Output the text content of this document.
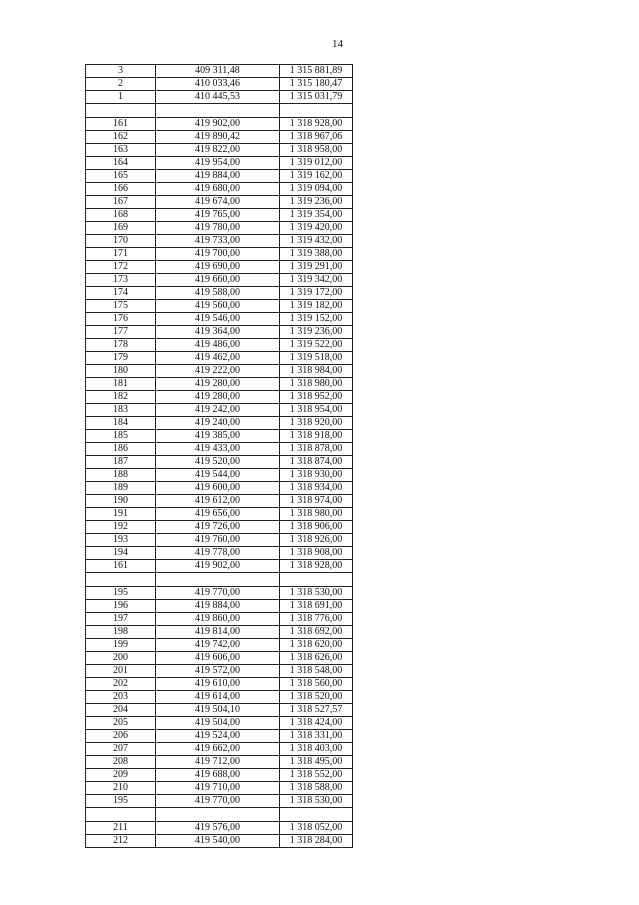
14
3	409 311,48	1 315 881,89
2	410 033,46	1 315 180,47
1	410 445,53	1 315 031,79

161	419 902,00	1 318 928,00
162	419 890,42	1 318 967,06
163	419 822,00	1 318 958,00
164	419 954,00	1 319 012,00
165	419 884,00	1 319 162,00
166	419 680,00	1 319 094,00
167	419 674,00	1 319 236,00
168	419 765,00	1 319 354,00
169	419 780,00	1 319 420,00
170	419 733,00	1 319 432,00
171	419 700,00	1 319 388,00
172	419 690,00	1 319 291,00
173	419 660,00	1 319 342,00
174	419 588,00	1 319 172,00
175	419 560,00	1 319 182,00
176	419 546,00	1 319 152,00
177	419 364,00	1 319 236,00
178	419 486,00	1 319 522,00
179	419 462,00	1 319 518,00
180	419 222,00	1 318 984,00
181	419 280,00	1 318 980,00
182	419 280,00	1 318 952,00
183	419 242,00	1 318 954,00
184	419 240,00	1 318 920,00
185	419 385,00	1 318 918,00
186	419 433,00	1 318 878,00
187	419 520,00	1 318 874,00
188	419 544,00	1 318 930,00
189	419 600,00	1 318 934,00
190	419 612,00	1 318 974,00
191	419 656,00	1 318 980,00
192	419 726,00	1 318 906,00
193	419 760,00	1 318 926,00
194	419 778,00	1 318 908,00
161	419 902,00	1 318 928,00

195	419 770,00	1 318 530,00
196	419 884,00	1 318 691,00
197	419 860,00	1 318 776,00
198	419 814,00	1 318 692,00
199	419 742,00	1 318 620,00
200	419 606,00	1 318 626,00
201	419 572,00	1 318 548,00
202	419 610,00	1 318 560,00
203	419 614,00	1 318 520,00
204	419 504,10	1 318 527,57
205	419 504,00	1 318 424,00
206	419 524,00	1 318 331,00
207	419 662,00	1 318 403,00
208	419 712,00	1 318 495,00
209	419 688,00	1 318 552,00
210	419 710,00	1 318 588,00
195	419 770,00	1 318 530,00

211	419 576,00	1 318 052,00
212	419 540,00	1 318 284,00
